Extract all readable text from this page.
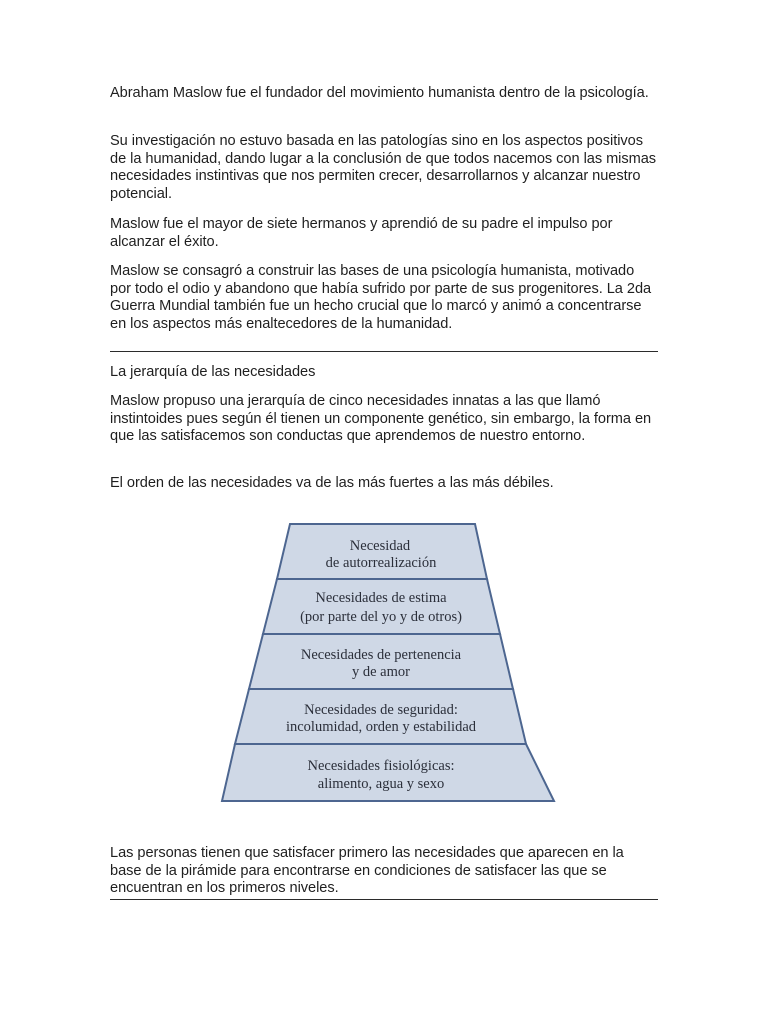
Abraham Maslow fue el fundador del movimiento humanista dentro de la psicología.

Su investigación no estuvo basada en las patologías sino en los aspectos positivos de la humanidad, dando lugar a la conclusión de que todos nacemos con las mismas necesidades instintivas que nos permiten crecer, desarrollarnos y alcanzar nuestro potencial.

Maslow fue el mayor de siete hermanos y aprendió de su padre el impulso por alcanzar el éxito.

Maslow se consagró a construir las bases de una psicología humanista, motivado por todo el odio y abandono que había sufrido por parte de sus progenitores. La 2da Guerra Mundial también fue un hecho crucial que lo marcó y animó a concentrarse en los aspectos más enaltecedores de la humanidad.

La jerarquía de las necesidades

Maslow propuso una jerarquía de cinco necesidades innatas a las que llamó instintoides pues según él tienen un componente genético, sin embargo, la forma en que las satisfacemos son conductas que aprendemos de nuestro entorno.

El orden de las necesidades va de las más fuertes a las más débiles.

Necesidad
de autorrealización
Necesidades de estima
(por parte del yo y de otros)
Necesidades de pertenencia
y de amor
Necesidades de seguridad:
incolumidad, orden y estabilidad
Necesidades fisiológicas:
alimento, agua y sexo

Las personas tienen que satisfacer primero las necesidades que aparecen en la base de la pirámide para encontrarse en condiciones de satisfacer las que se encuentran en los primeros niveles.
